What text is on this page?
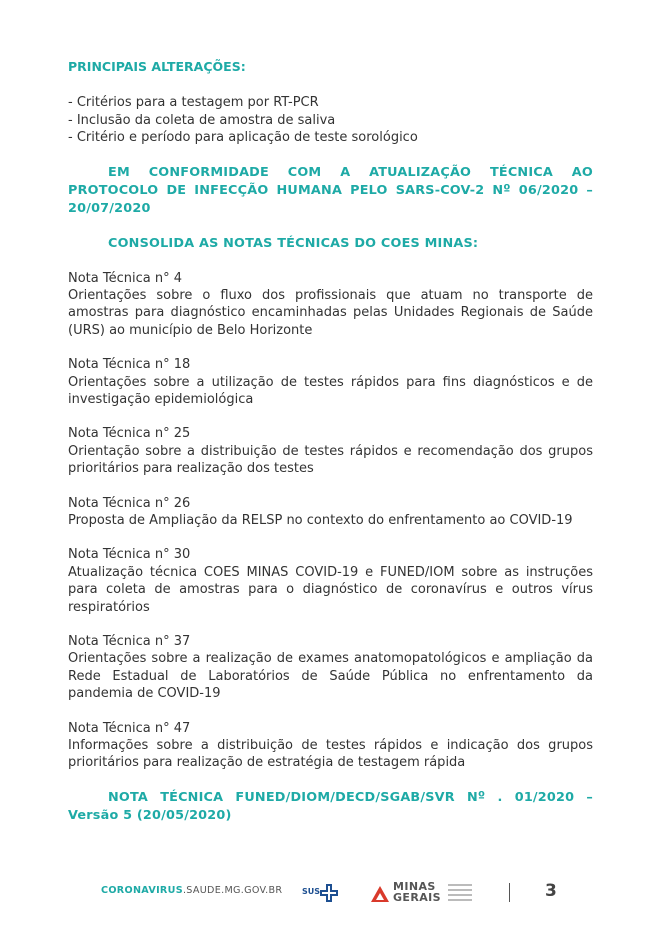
PRINCIPAIS ALTERAÇÕES:

- Critérios para a testagem por RT-PCR
- Inclusão da coleta de amostra de saliva
- Critério e período para aplicação de teste sorológico
EM CONFORMIDADE COM A ATUALIZAÇÃO TÉCNICA AO PROTOCOLO DE INFECÇÃO HUMANA PELO SARS-COV-2 Nº 06/2020 – 20/07/2020
CONSOLIDA AS NOTAS TÉCNICAS DO COES MINAS:
Nota Técnica n° 4
Orientações sobre o fluxo dos profissionais que atuam no transporte de amostras para diagnóstico encaminhadas pelas Unidades Regionais de Saúde (URS) ao município de Belo Horizonte
Nota Técnica n° 18
Orientações sobre a utilização de testes rápidos para fins diagnósticos e de investigação epidemiológica
Nota Técnica n° 25
Orientação sobre a distribuição de testes rápidos e recomendação dos grupos prioritários para realização dos testes
Nota Técnica n° 26
Proposta de Ampliação da RELSP no contexto do enfrentamento ao COVID-19
Nota Técnica n° 30
Atualização técnica COES MINAS COVID-19 e FUNED/IOM sobre as instruções para coleta de amostras para o diagnóstico de coronavírus e outros vírus respiratórios
Nota Técnica n° 37
Orientações sobre a realização de exames anatomopatológicos e ampliação da Rede Estadual de Laboratórios de Saúde Pública no enfrentamento da pandemia de COVID-19
Nota Técnica n° 47
Informações sobre a distribuição de testes rápidos e indicação dos grupos prioritários para realização de estratégia de testagem rápida
NOTA TÉCNICA FUNED/DIOM/DECD/SGAB/SVR Nº . 01/2020 – Versão 5 (20/05/2020)
CORONAVIRUS.SAUDE.MG.GOV.BR SUS	MINAS
GERAIS	3
